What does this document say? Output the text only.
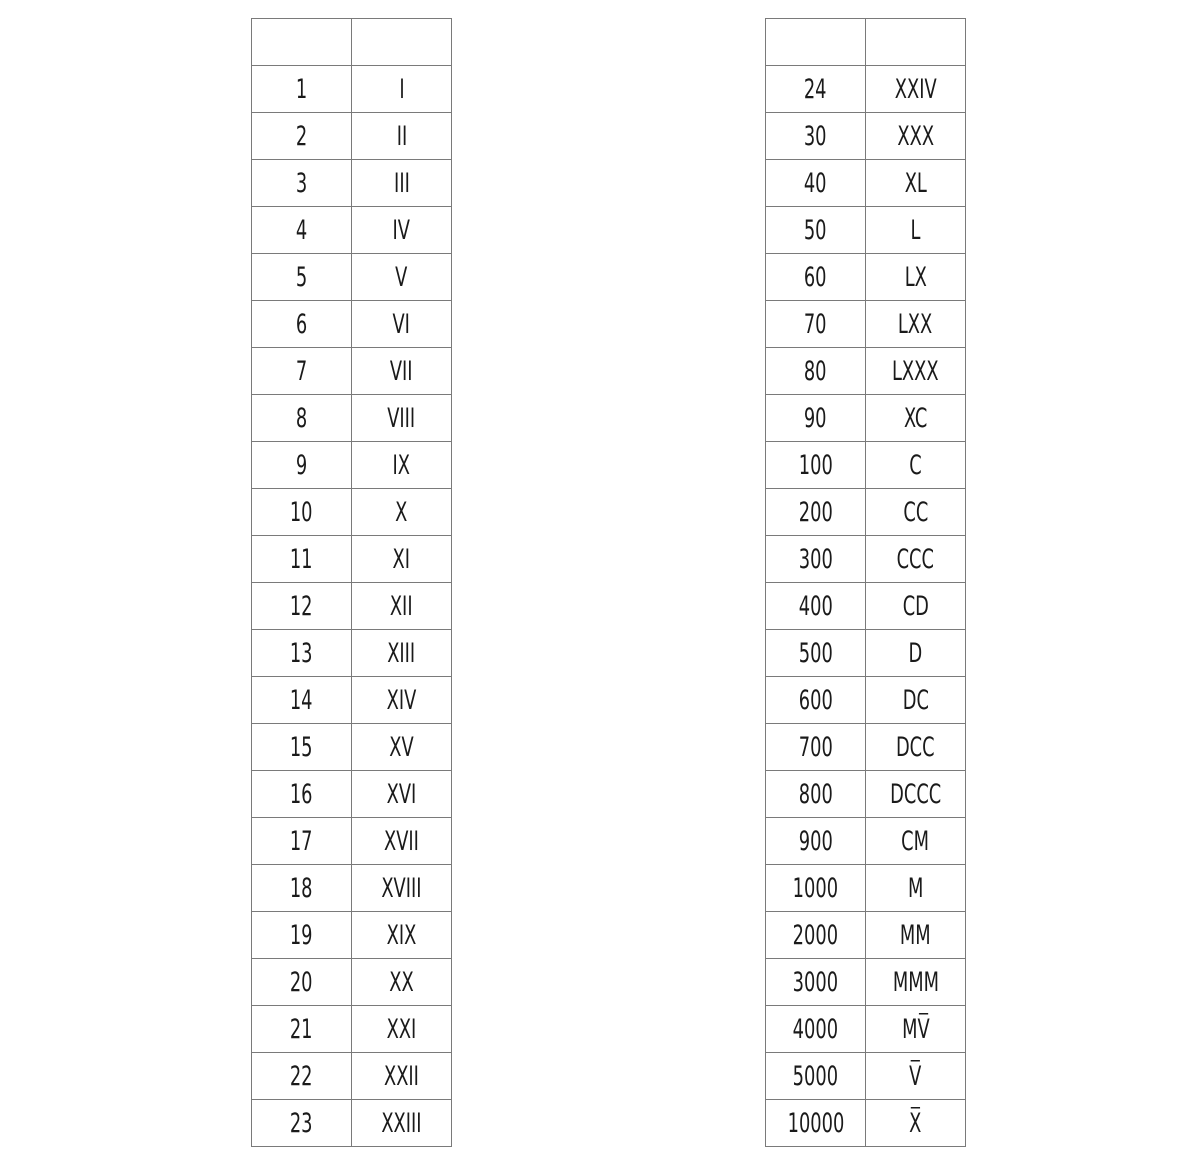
1	I
2	II
3	III
4	IV
5	V
6	VI
7	VII
8	VIII
9	IX
10	X
11	XI
12	XII
13	XIII
14	XIV
15	XV
16	XVI
17	XVII
18	XVIII
19	XIX
20	XX
21	XXI
22	XXII
23	XXIII

24	XXIV
30	XXX
40	XL
50	L
60	LX
70	LXX
80	LXXX
90	XC
100	C
200	CC
300	CCC
400	CD
500	D
600	DC
700	DCC
800	DCCC
900	CM
1000	M
2000	MM
3000	MMM
4000	MV̅
5000	V̅
10000	X̅
